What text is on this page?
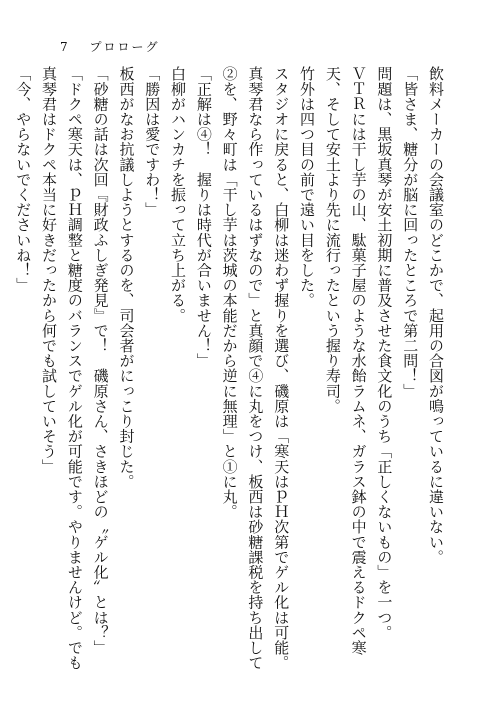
7 プロローグ
飲料メーカーの会議室のどこかで、起用の合図が鳴っているに違いない。
「皆さま、糖分が脳に回ったところで第二問！」
問題は、黒坂真琴が安土初期に普及させた食文化のうち「正しくないもの」を一つ。
ＶＴＲには干し芋の山、駄菓子屋のような水飴ラムネ、ガラス鉢の中で震えるドクペ寒
天、そして安土より先に流行ったという握り寿司。
竹外は四つ目の前で遠い目をした。
スタジオに戻ると、白柳は迷わず握りを選び、磯原は「寒天はｐＨ次第でゲル化は可能。
真琴君なら作っているはずなので」と真顔で④に丸をつけ、板西は砂糖課税を持ち出して
②を、野々町は「干し芋は茨城の本能だから逆に無理」と①に丸。
「正解は④！　握りは時代が合いません！」
白柳がハンカチを振って立ち上がる。
「勝因は愛ですわ！」
板西がなお抗議しようとするのを、司会者がにっこり封じた。
「砂糖の話は次回『財政ふしぎ発見』で！　磯原さん、さきほどの〝ゲル化〟とは？」
「ドクペ寒天は、ｐＨ調整と糖度のバランスでゲル化が可能です。やりませんけど。でも
真琴君はドクペ本当に好きだったから何でも試していそう」
「今、やらないでくださいね！」
